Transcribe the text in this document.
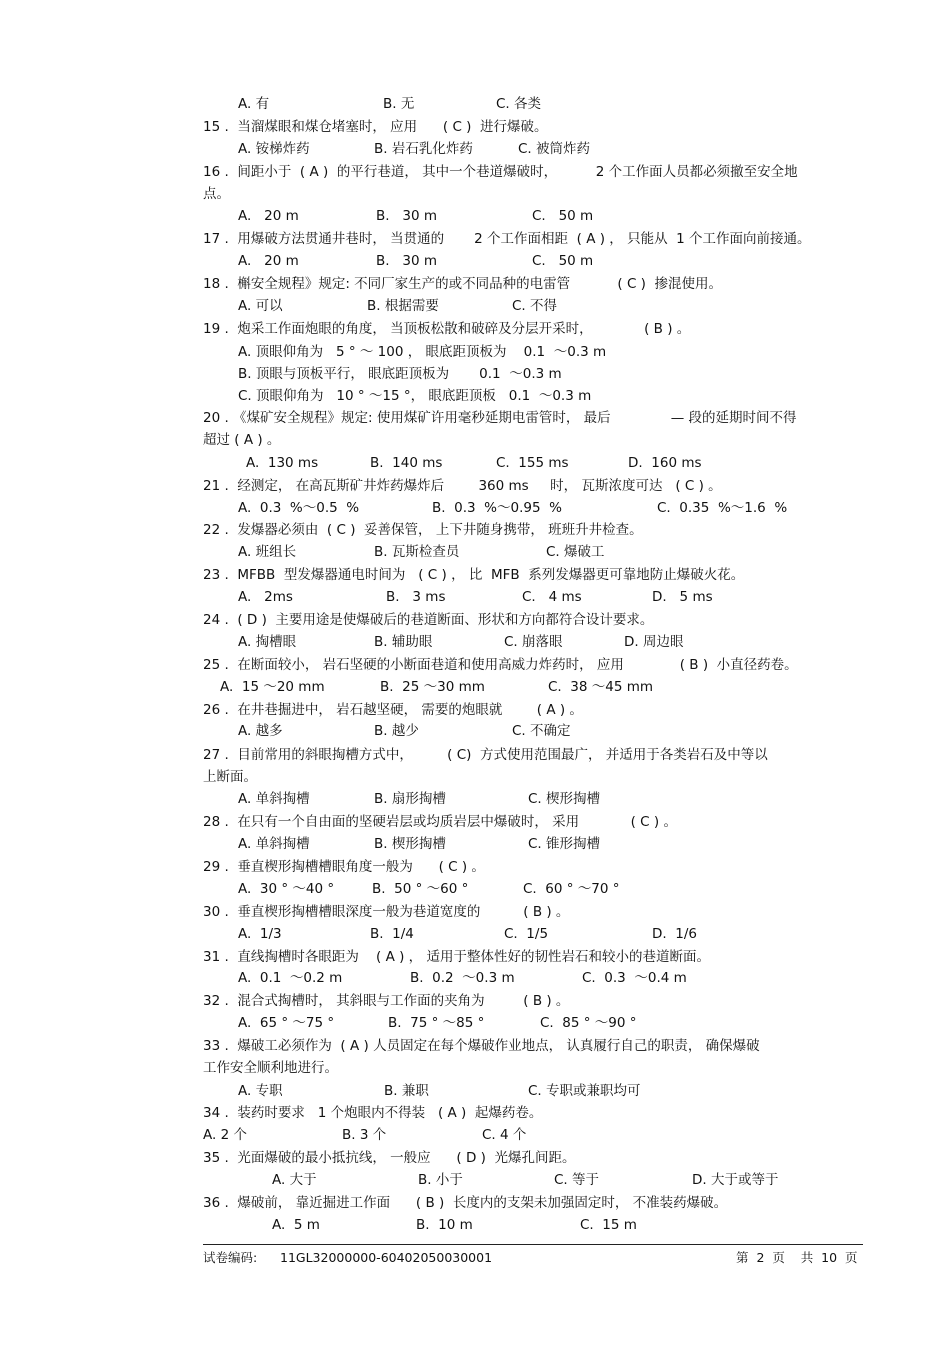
A. 有	B. 无	C. 各类
15 .  当溜煤眼和煤仓堵塞时， 应用      ( C )  进行爆破。
A. 铵梯炸药	B. 岩石乳化炸药	C. 被筒炸药
16 .  间距小于  ( A )  的平行巷道， 其中一个巷道爆破时，         2 个工作面人员都必须撤至安全地
点。
A.   20 m	B.   30 m	C.   50 m
17 .  用爆破方法贯通井巷时， 当贯通的       2 个工作面相距  ( A ) ， 只能从  1 个工作面向前接通。
A.   20 m	B.   30 m	C.   50 m
18 .  槲安全规程》规定: 不同厂家生产的或不同品种的电雷管           ( C )  掺混使用。
A. 可以	B. 根据需要	C. 不得
19 .  炮采工作面炮眼的角度， 当顶板松散和破碎及分层开采时，            ( B ) 。
A. 顶眼仰角为   5 ° ～ 100 ， 眼底距顶板为    0.1  ～0.3 m
B. 顶眼与顶板平行， 眼底距顶板为       0.1  ～0.3 m
C. 顶眼仰角为   10 ° ～15 °， 眼底距顶板   0.1  ～0.3 m
20 . 《煤矿安全规程》规定: 使用煤矿许用毫秒延期电雷管时， 最后              — 段的延期时间不得
超过 ( A ) 。
A.  130 ms	B.  140 ms	C.  155 ms	D.  160 ms
21 .  经测定， 在高瓦斯矿井炸药爆炸后        360 ms     时， 瓦斯浓度可达   ( C ) 。
A.  0.3  %～0.5  %	B.  0.3  %～0.95  %	C.  0.35  %～1.6  %
22 .  发爆器必须由  ( C )  妥善保管， 上下井随身携带， 班班升井检查。
A. 班组长	B. 瓦斯检查员	C. 爆破工
23 .  MFBB  型发爆器通电时间为   ( C ) ， 比  MFB  系列发爆器更可靠地防止爆破火花。
A.   2ms	B.   3 ms	C.   4 ms	D.   5 ms
24 .  ( D )  主要用途是使爆破后的巷道断面、形状和方向都符合设计要求。
A. 掏槽眼	B. 辅助眼	C. 崩落眼	D. 周边眼
25 .  在断面较小， 岩石坚硬的小断面巷道和使用高威力炸药时， 应用             ( B )  小直径药卷。
A.  15 ～20 mm	B.  25 ～30 mm	C.  38 ～45 mm
26 .  在井巷掘进中， 岩石越坚硬， 需要的炮眼就        ( A ) 。
A. 越多	B. 越少	C. 不确定
27 .  目前常用的斜眼掏槽方式中，        ( C)  方式使用范围最广， 并适用于各类岩石及中等以
上断面。
A. 单斜掏槽	B. 扇形掏槽	C. 楔形掏槽
28 .  在只有一个自由面的坚硬岩层或均质岩层中爆破时， 采用            ( C ) 。
A. 单斜掏槽	B. 楔形掏槽	C. 锥形掏槽
29 .  垂直楔形掏槽槽眼角度一般为      ( C ) 。
A.  30 ° ～40 °	B.  50 ° ～60 °	C.  60 ° ～70 °
30 .  垂直楔形掏槽槽眼深度一般为巷道宽度的          ( B ) 。
A.  1/3	B.  1/4	C.  1/5	D.  1/6
31 .  直线掏槽时各眼距为    ( A ) ， 适用于整体性好的韧性岩石和较小的巷道断面。
A.  0.1  ～0.2 m	B.  0.2  ～0.3 m	C.  0.3  ～0.4 m
32 .  混合式掏槽时， 其斜眼与工作面的夹角为         ( B ) 。
A.  65 ° ～75 °	B.  75 ° ～85 °	C.  85 ° ～90 °
33 .  爆破工必须作为  ( A ) 人员固定在每个爆破作业地点， 认真履行自己的职责， 确保爆破
工作安全顺利地进行。
A. 专职	B. 兼职	C. 专职或兼职均可
34 .  装药时要求   1 个炮眼内不得装   ( A )  起爆药卷。
A. 2 个	B. 3 个	C. 4 个
35 .  光面爆破的最小抵抗线， 一般应      ( D )  光爆孔间距。
A. 大于	B. 小于	C. 等于	D. 大于或等于
36 .  爆破前， 靠近掘进工作面      ( B )  长度内的支架未加强固定时， 不准装药爆破。
A.  5 m	B.  10 m	C.  15 m
试卷编码: 11GL32000000-60402050030001	第  2  页    共  10  页
